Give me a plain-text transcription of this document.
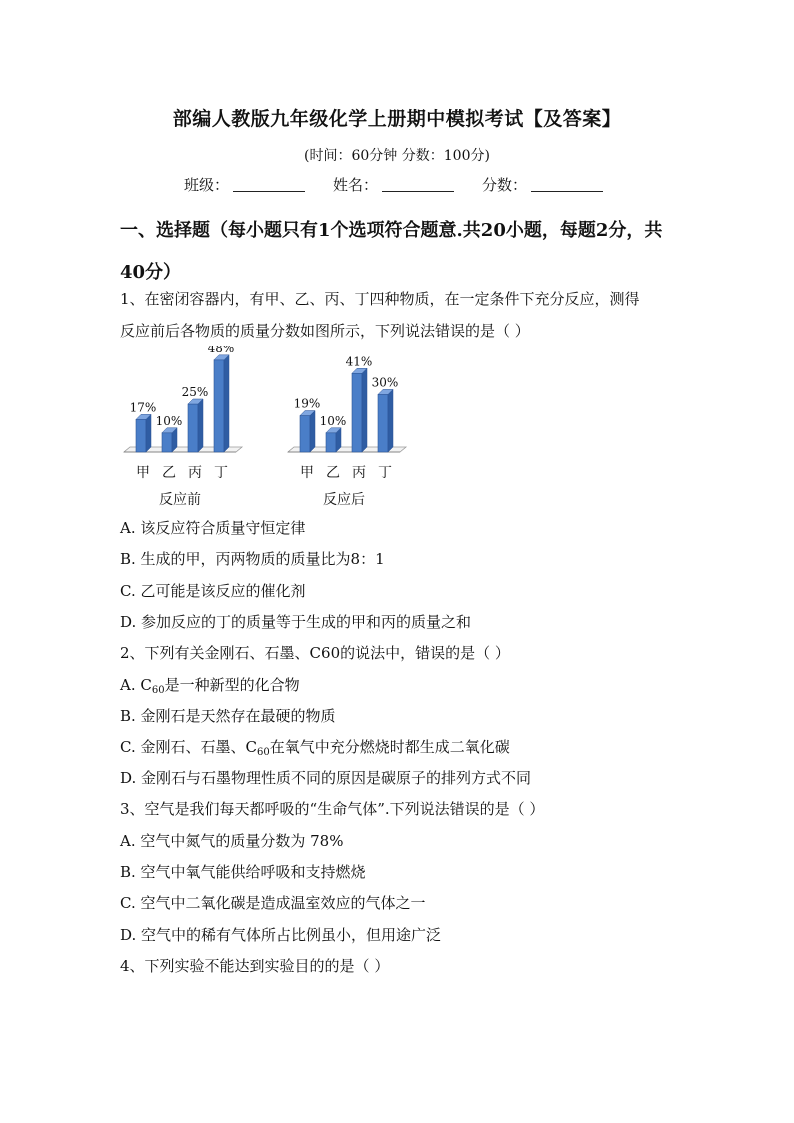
部编人教版九年级化学上册期中模拟考试【及答案】
(时间：60分钟 分数：100分)
班级：	姓名：	分数：
一、选择题（每小题只有1个选项符合题意.共20小题，每题2分，共
40分）
1、在密闭容器内，有甲、乙、丙、丁四种物质，在一定条件下充分反应，测得
反应前后各物质的质量分数如图所示，下列说法错误的是（ ）
17%
甲
10%
乙
25%
丙
48%
丁
反应前
19%
甲
10%
乙
41%
丙
30%
丁
反应后
A. 该反应符合质量守恒定律
B. 生成的甲，丙两物质的质量比为8：1
C. 乙可能是该反应的催化剂
D. 参加反应的丁的质量等于生成的甲和丙的质量之和
2、下列有关金刚石、石墨、C60的说法中，错误的是（ ）
A. $C_{60}$是一种新型的化合物
B. 金刚石是天然存在最硬的物质
C. 金刚石、石墨、$C_{60}$在氧气中充分燃烧时都生成二氧化碳
D. 金刚石与石墨物理性质不同的原因是碳原子的排列方式不同
3、空气是我们每天都呼吸的“生命气体”.下列说法错误的是（ ）
A. 空气中氮气的质量分数为 78%
B. 空气中氧气能供给呼吸和支持燃烧
C. 空气中二氧化碳是造成温室效应的气体之一
D. 空气中的稀有气体所占比例虽小，但用途广泛
4、下列实验不能达到实验目的的是（ ）
